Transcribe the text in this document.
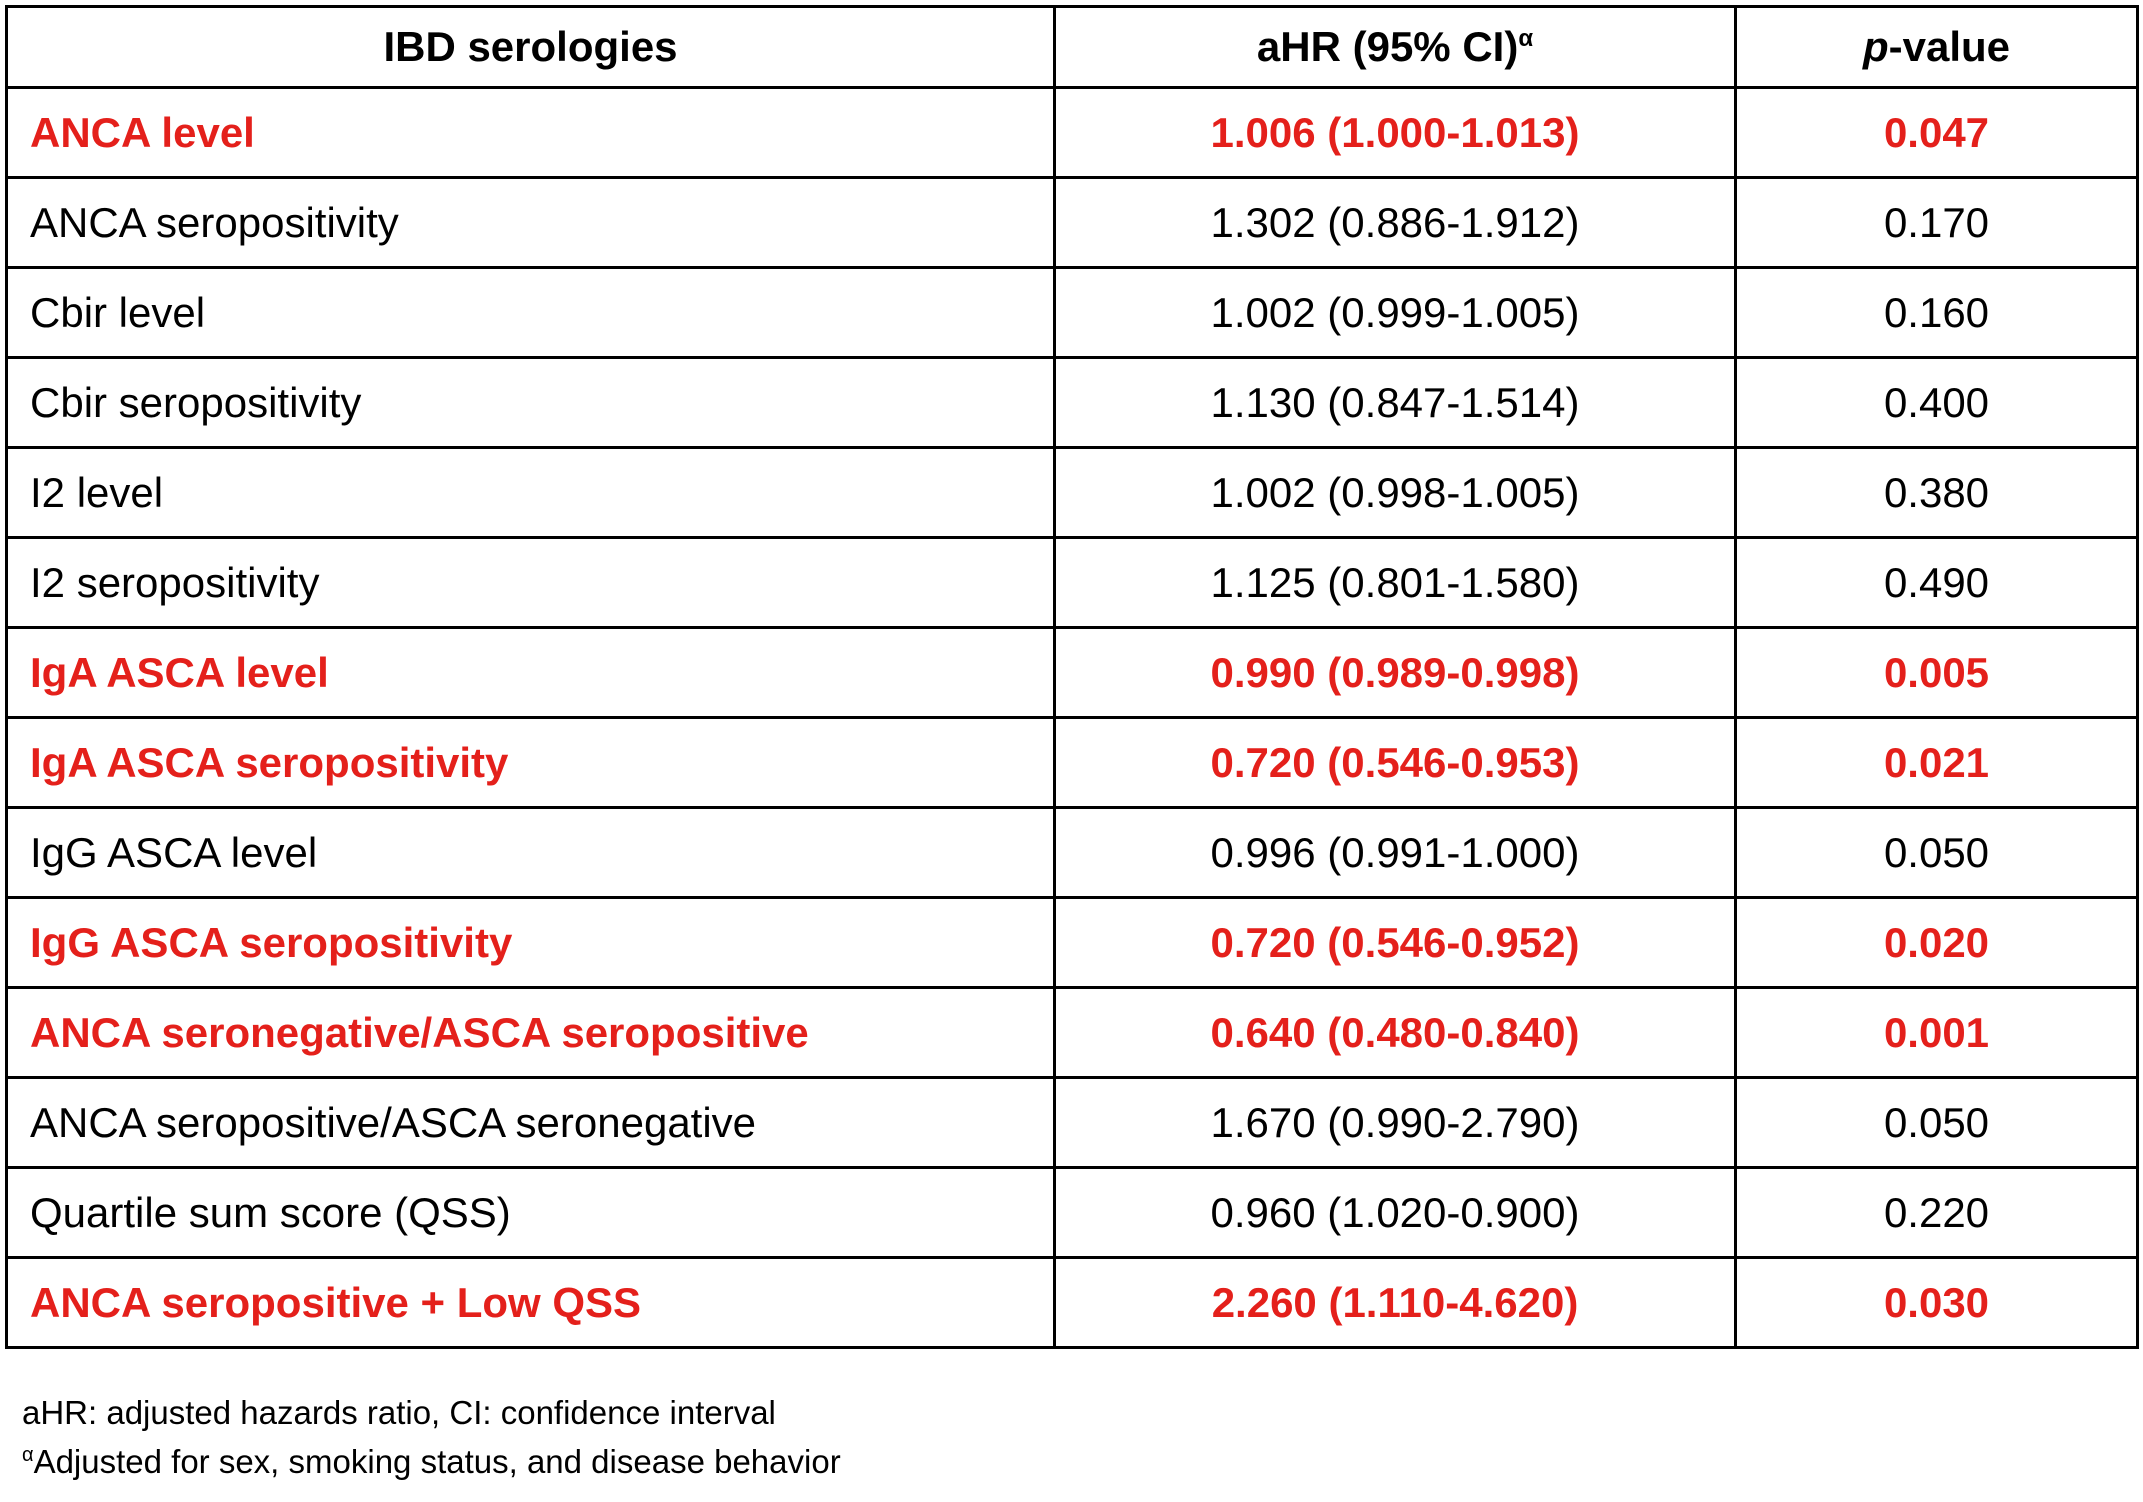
IBD serologies	aHR (95% CI)$^\alpha$	p-value
ANCA level	1.006 (1.000-1.013)	0.047
ANCA seropositivity	1.302 (0.886-1.912)	0.170
Cbir level	1.002 (0.999-1.005)	0.160
Cbir seropositivity	1.130 (0.847-1.514)	0.400
I2 level	1.002 (0.998-1.005)	0.380
I2 seropositivity	1.125 (0.801-1.580)	0.490
IgA ASCA level	0.990 (0.989-0.998)	0.005
IgA ASCA seropositivity	0.720 (0.546-0.953)	0.021
IgG ASCA level	0.996 (0.991-1.000)	0.050
IgG ASCA seropositivity	0.720 (0.546-0.952)	0.020
ANCA seronegative/ASCA seropositive	0.640 (0.480-0.840)	0.001
ANCA seropositive/ASCA seronegative	1.670 (0.990-2.790)	0.050
Quartile sum score (QSS)	0.960 (1.020-0.900)	0.220
ANCA seropositive + Low QSS	2.260 (1.110-4.620)	0.030
aHR: adjusted hazards ratio, CI: confidence interval
$^\alpha$Adjusted for sex, smoking status, and disease behavior
